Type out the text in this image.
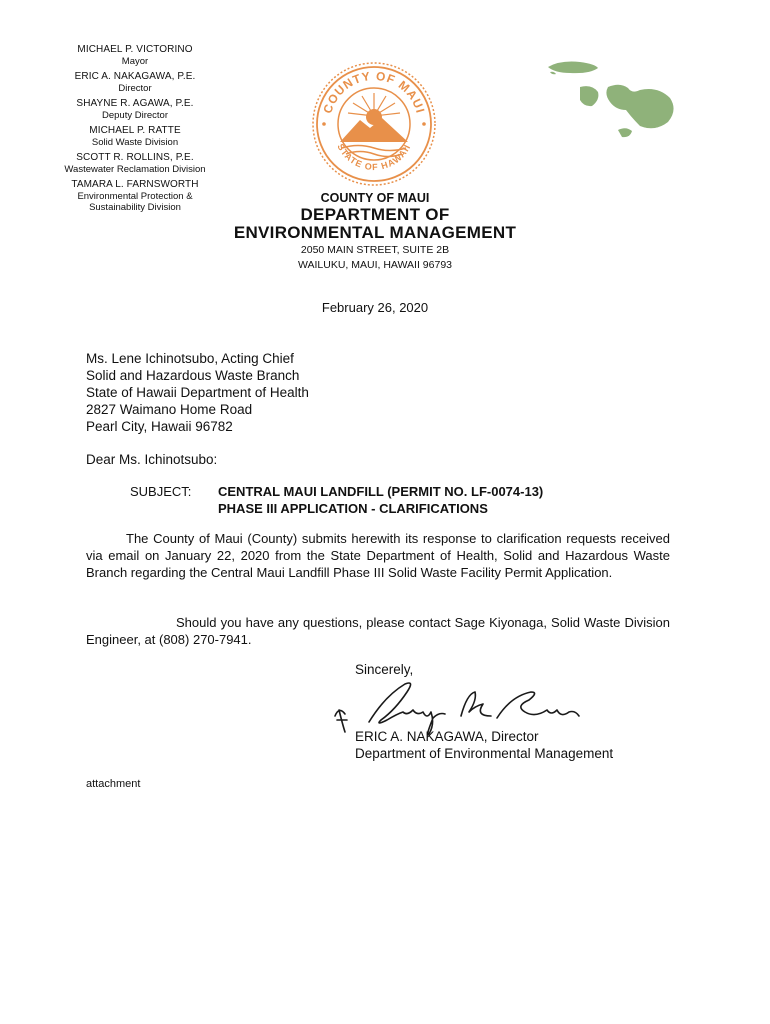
MICHAEL P. VICTORINO
Mayor
ERIC A. NAKAGAWA, P.E.
Director
SHAYNE R. AGAWA, P.E.
Deputy Director
MICHAEL P. RATTE
Solid Waste Division
SCOTT R. ROLLINS, P.E.
Wastewater Reclamation Division
TAMARA L. FARNSWORTH
Environmental Protection &
Sustainability Division
COUNTY OF MAUI
STATE OF HAWAII
COUNTY OF MAUI
DEPARTMENT OF
ENVIRONMENTAL MANAGEMENT
2050 MAIN STREET, SUITE 2B
WAILUKU, MAUI, HAWAII 96793
February 26, 2020
Ms. Lene Ichinotsubo, Acting Chief
Solid and Hazardous Waste Branch
State of Hawaii Department of Health
2827 Waimano Home Road
Pearl City, Hawaii 96782
Dear Ms. Ichinotsubo:
SUBJECT:	CENTRAL MAUI LANDFILL (PERMIT NO. LF-0074-13)
PHASE III APPLICATION - CLARIFICATIONS
The County of Maui (County) submits herewith its response to clarification requests received via email on January 22, 2020 from the State Department of Health, Solid and Hazardous Waste Branch regarding the Central Maui Landfill Phase III Solid Waste Facility Permit Application.
Should you have any questions, please contact Sage Kiyonaga, Solid Waste Division Engineer, at (808) 270-7941.
Sincerely,
ERIC A. NAKAGAWA, Director
Department of Environmental Management
attachment
